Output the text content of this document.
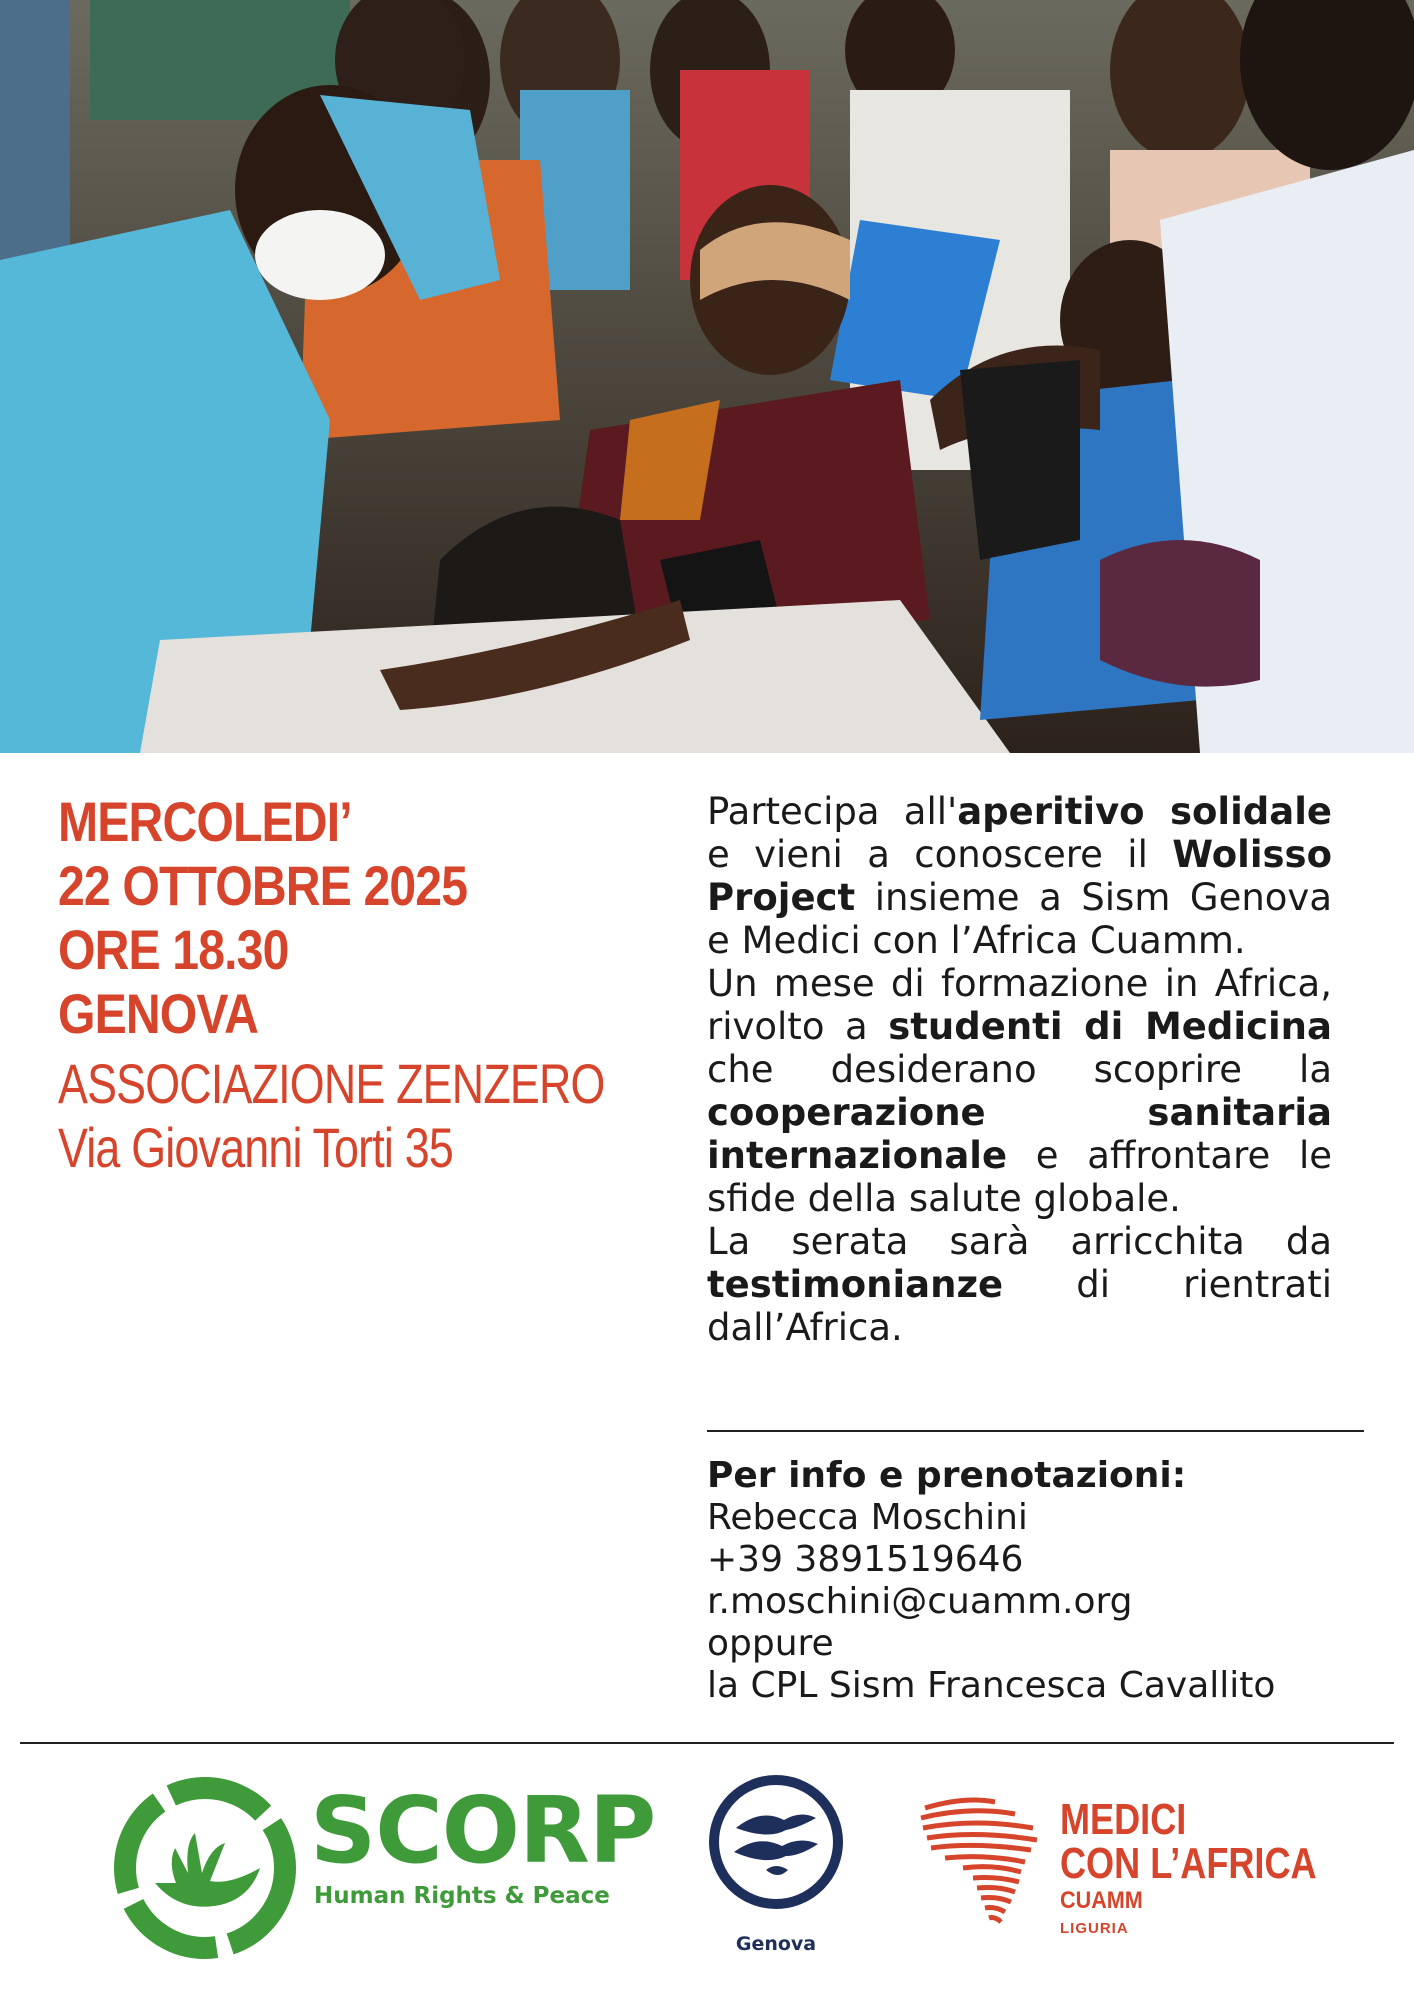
MERCOLEDI’
22 OTTOBRE 2025
ORE 18.30
GENOVA
ASSOCIAZIONE ZENZERO
Via Giovanni Torti 35

Partecipa all'aperitivo solidale e vieni a conoscere il Wolisso Project insieme a Sism Genova e Medici con l’Africa Cuamm.

Un mese di formazione in Africa, rivolto a studenti di Medicina che desiderano scoprire la cooperazione sanitaria internazionale e affrontare le sfide della salute globale.

La serata sarà arricchita da testimonianze di rientrati dall’Africa.

Per info e prenotazioni:
Rebecca Moschini
+39 3891519646
r.moschini@cuamm.org
oppure
la CPL Sism Francesca Cavallito
SCORP
Human Rights & Peace
Genova
MEDICI
CON L’AFRICA
CUAMM
LIGURIA
